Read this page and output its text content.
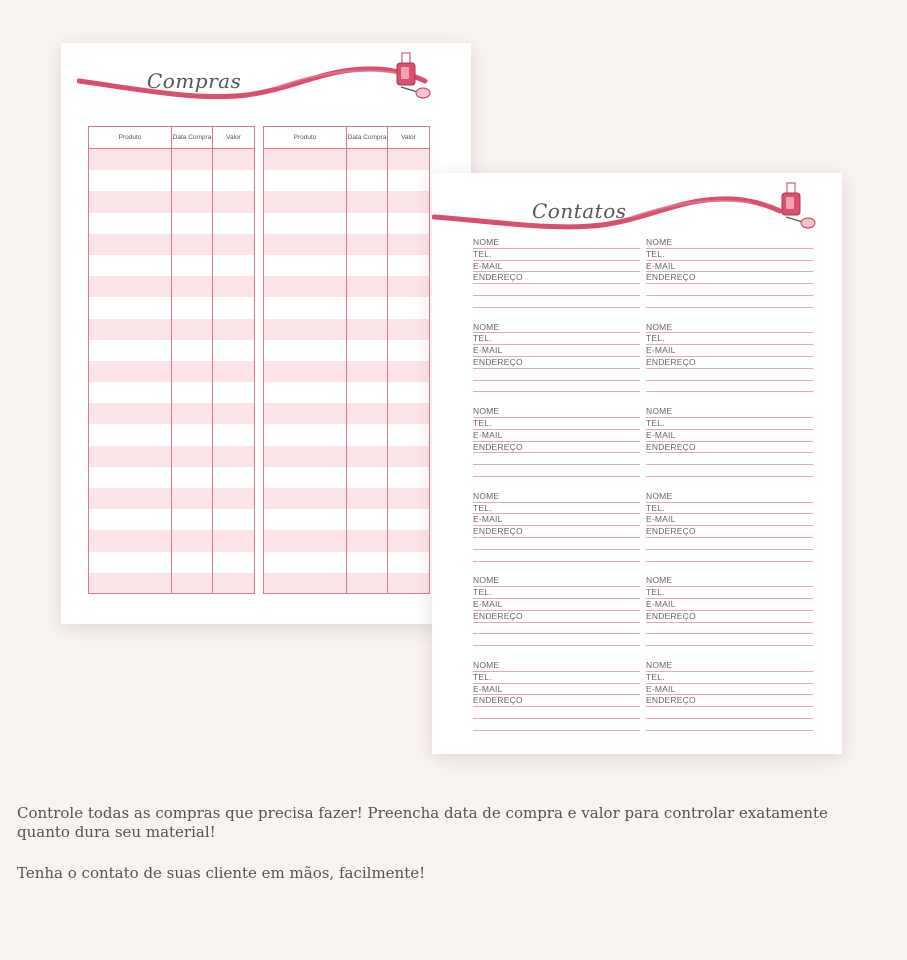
Compras
Produto	Data Compra	Valor	Produto	Data Compra	Valor
Contatos
NOME
TEL.
E-MAIL
ENDEREÇO
NOME
TEL.
E-MAIL
ENDEREÇO
NOME
TEL.
E-MAIL
ENDEREÇO
NOME
TEL.
E-MAIL
ENDEREÇO
NOME
TEL.
E-MAIL
ENDEREÇO
NOME
TEL.
E-MAIL
ENDEREÇO
NOME
TEL.
E-MAIL
ENDEREÇO
NOME
TEL.
E-MAIL
ENDEREÇO
NOME
TEL.
E-MAIL
ENDEREÇO
NOME
TEL.
E-MAIL
ENDEREÇO
NOME
TEL.
E-MAIL
ENDEREÇO
NOME
TEL.
E-MAIL
ENDEREÇO
Controle todas as compras que precisa fazer! Preencha data de compra e valor para controlar exatamente quanto dura seu material!
Tenha o contato de suas cliente em mãos, facilmente!
